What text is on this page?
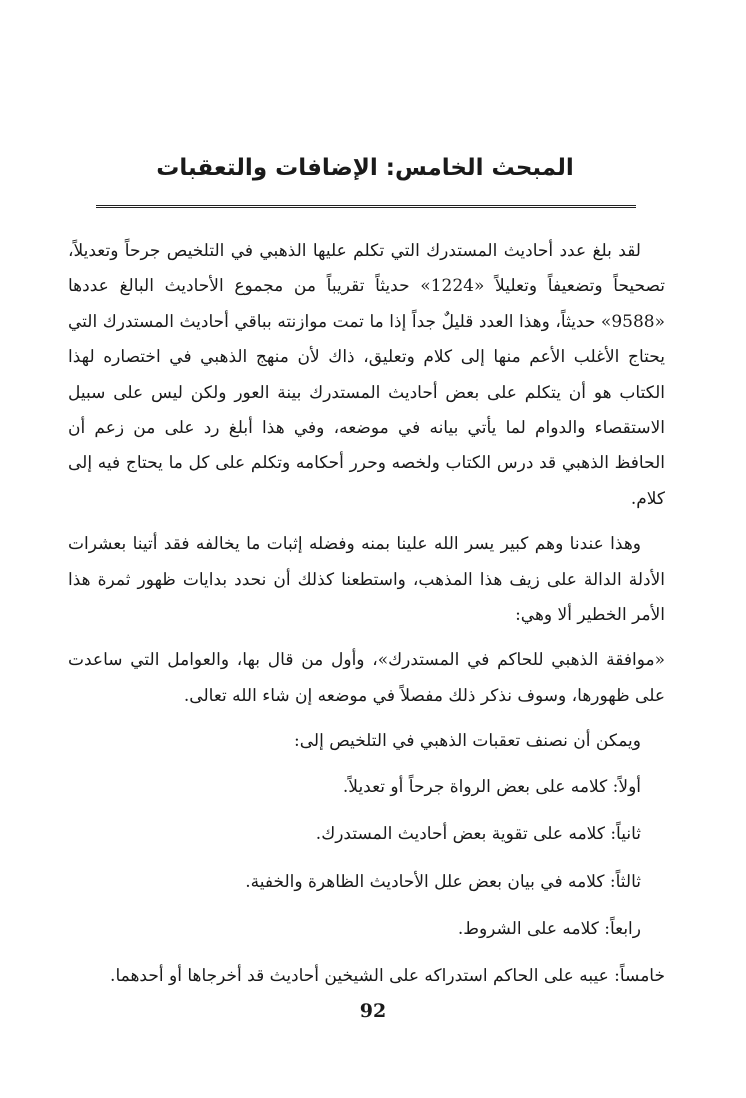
المبحث الخامس: الإضافات والتعقبات

لقد بلغ عدد أحاديث المستدرك التي تكلم عليها الذهبي في التلخيص جرحاً وتعديلاً، تصحيحاً وتضعيفاً وتعليلاً «1224» حديثاً تقريباً من مجموع الأحاديث البالغ عددها «9588» حديثاً، وهذا العدد قليلٌ جداً إذا ما تمت موازنته بباقي أحاديث المستدرك التي يحتاج الأغلب الأعم منها إلى كلام وتعليق، ذاك لأن منهج الذهبي في اختصاره لهذا الكتاب هو أن يتكلم على بعض أحاديث المستدرك بينة العور ولكن ليس على سبيل الاستقصاء والدوام لما يأتي بيانه في موضعه، وفي هذا أبلغ رد على من زعم أن الحافظ الذهبي قد درس الكتاب ولخصه وحرر أحكامه وتكلم على كل ما يحتاج فيه إلى كلام.

وهذا عندنا وهم كبير يسر الله علينا بمنه وفضله إثبات ما يخالفه فقد أتينا بعشرات الأدلة الدالة على زيف هذا المذهب، واستطعنا كذلك أن نحدد بدايات ظهور ثمرة هذا الأمر الخطير ألا وهي:

«موافقة الذهبي للحاكم في المستدرك»، وأول من قال بها، والعوامل التي ساعدت على ظهورها، وسوف نذكر ذلك مفصلاً في موضعه إن شاء الله تعالى.

ويمكن أن نصنف تعقبات الذهبي في التلخيص إلى:

أولاً: كلامه على بعض الرواة جرحاً أو تعديلاً.

ثانياً: كلامه على تقوية بعض أحاديث المستدرك.

ثالثاً: كلامه في بيان بعض علل الأحاديث الظاهرة والخفية.

رابعاً: كلامه على الشروط.

خامساً: عيبه على الحاكم استدراكه على الشيخين أحاديث قد أخرجاها أو أحدهما.

92
